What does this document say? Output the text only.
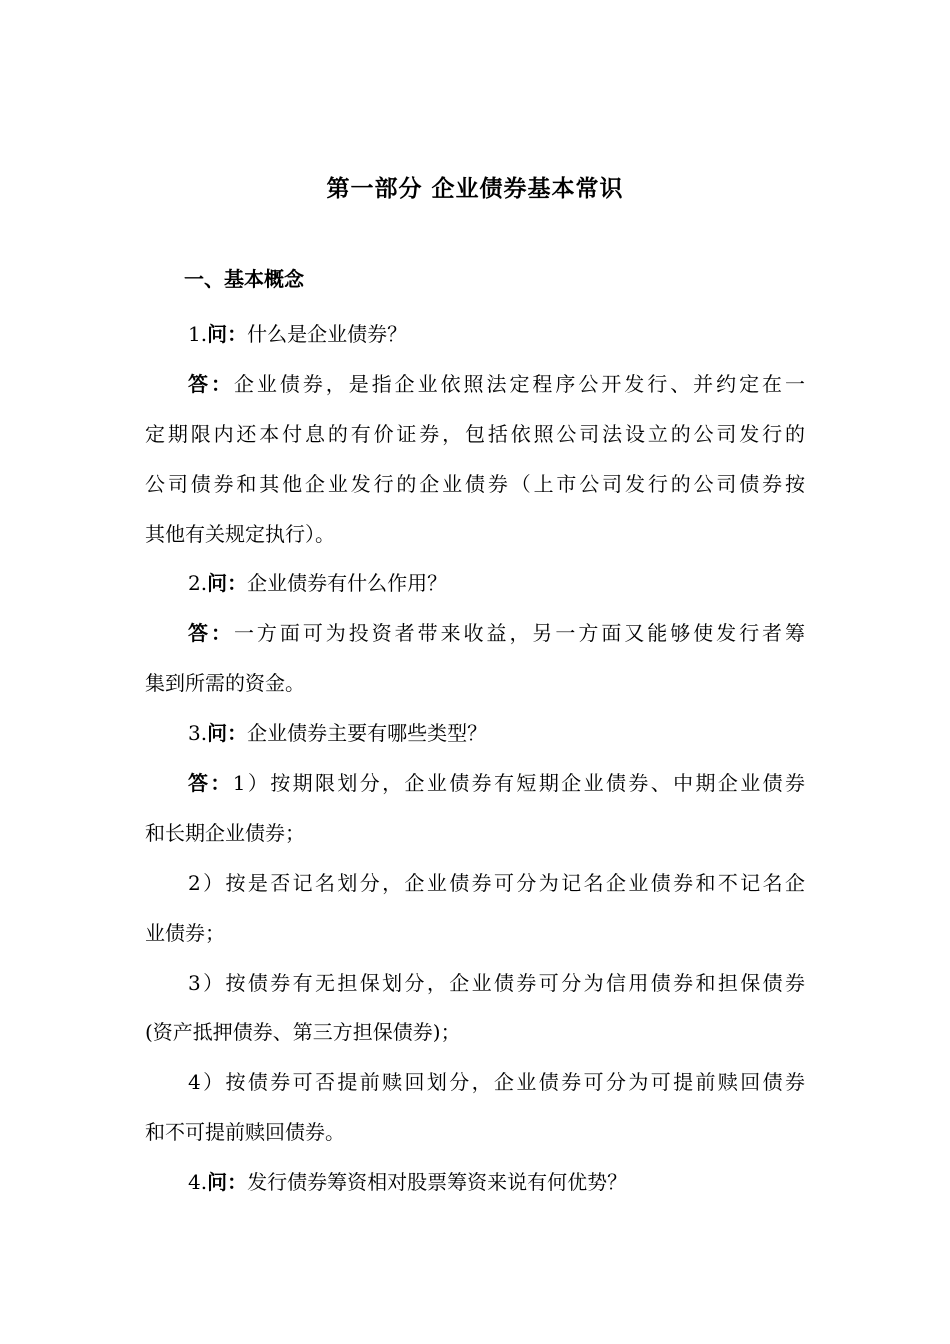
第一部分 企业债券基本常识
一、基本概念
1.问：什么是企业债券？
答：企业债券，是指企业依照法定程序公开发行、并约定在一
定期限内还本付息的有价证券，包括依照公司法设立的公司发行的
公司债券和其他企业发行的企业债券（上市公司发行的公司债券按
其他有关规定执行）。
2.问：企业债券有什么作用？
答：一方面可为投资者带来收益，另一方面又能够使发行者筹
集到所需的资金。
3.问：企业债券主要有哪些类型？
答：1）按期限划分，企业债券有短期企业债券、中期企业债券
和长期企业债券；
2）按是否记名划分，企业债券可分为记名企业债券和不记名企
业债券；
3）按债券有无担保划分，企业债券可分为信用债券和担保债券
(资产抵押债券、第三方担保债券)；
4）按债券可否提前赎回划分，企业债券可分为可提前赎回债券
和不可提前赎回债券。
4.问：发行债券筹资相对股票筹资来说有何优势？
